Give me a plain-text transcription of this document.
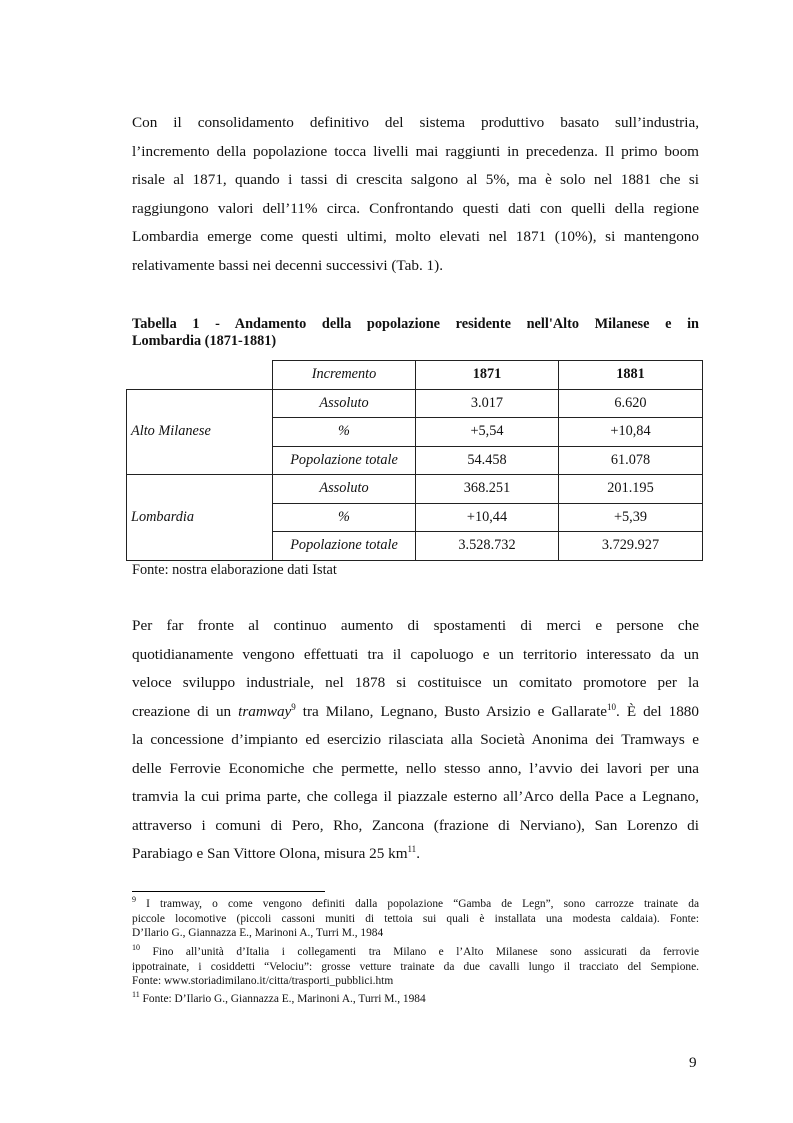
Con il consolidamento definitivo del sistema produttivo basato sull’industria,
l’incremento della popolazione tocca livelli mai raggiunti in precedenza. Il primo boom
risale al 1871, quando i tassi di crescita salgono al 5%, ma è solo nel 1881 che si
raggiungono valori dell’11% circa. Confrontando questi dati con quelli della regione
Lombardia emerge come questi ultimi, molto elevati nel 1871 (10%), si mantengono
relativamente bassi nei decenni successivi (Tab. 1).
Tabella 1 - Andamento della popolazione residente nell'Alto Milanese e in
Lombardia (1871-1881)
	Incremento	1871	1881
Alto Milanese	Assoluto	3.017	6.620
	%	+5,54	+10,84
	Popolazione totale	54.458	61.078
Lombardia	Assoluto	368.251	201.195
	%	+10,44	+5,39
	Popolazione totale	3.528.732	3.729.927
Fonte: nostra elaborazione dati Istat
Per far fronte al continuo aumento di spostamenti di merci e persone che
quotidianamente vengono effettuati tra il capoluogo e un territorio interessato da un
veloce sviluppo industriale, nel 1878 si costituisce un comitato promotore per la
creazione di un tramway$^9$ tra Milano, Legnano, Busto Arsizio e Gallarate$^{10}$. È del 1880
la concessione d’impianto ed esercizio rilasciata alla Società Anonima dei Tramways e
delle Ferrovie Economiche che permette, nello stesso anno, l’avvio dei lavori per una
tramvia la cui prima parte, che collega il piazzale esterno all’Arco della Pace a Legnano,
attraverso i comuni di Pero, Rho, Zancona (frazione di Nerviano), San Lorenzo di
Parabiago e San Vittore Olona, misura 25 $km^{11}$.
$^9$ I tramway, o come vengono definiti dalla popolazione “Gamba de Legn”, sono carrozze trainate da
piccole locomotive (piccoli cassoni muniti di tettoia sui quali è installata una modesta caldaia). Fonte:
D’Ilario G., Giannazza E., Marinoni A., Turri M., 1984
$^{10}$ Fino all’unità d’Italia i collegamenti tra Milano e l’Alto Milanese sono assicurati da ferrovie
ippotrainate, i cosiddetti “Velociu”: grosse vetture trainate da due cavalli lungo il tracciato del Sempione.
Fonte: www.storiadimilano.it/citta/trasporti_pubblici.htm
$^{11}$ Fonte: D’Ilario G., Giannazza E., Marinoni A., Turri M., 1984
9
